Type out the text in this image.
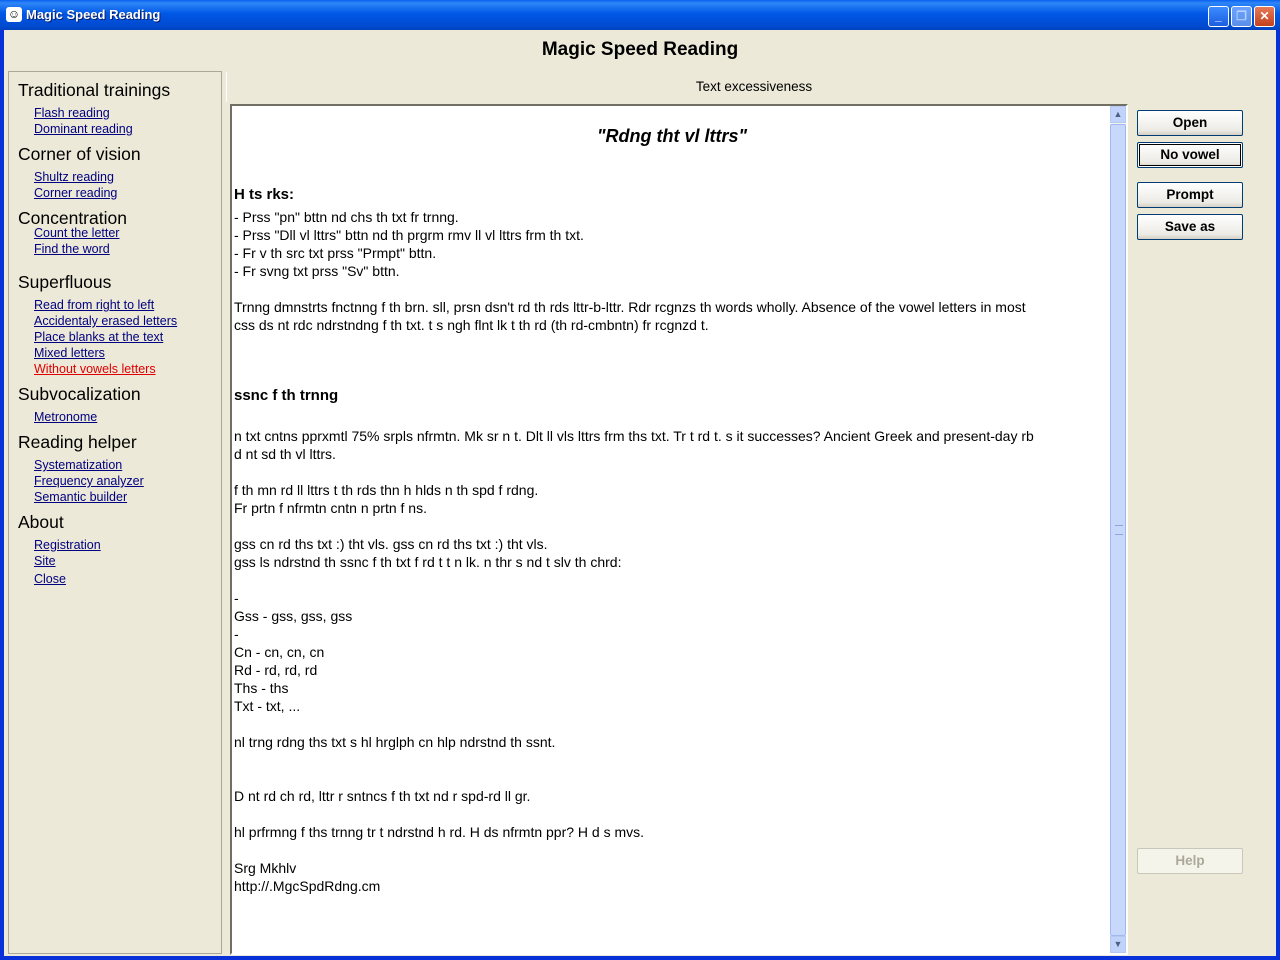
☺ Magic Speed Reading	_	❐	✕
Magic Speed Reading
Traditional trainings
Flash reading
Dominant reading
Corner of vision
Shultz reading
Corner reading
Concentration
Count the letter
Find the word
Superfluous
Read from right to left
Accidentaly erased letters
Place blanks at the text
Mixed letters
Without vowels letters
Subvocalization
Metronome
Reading helper
Systematization
Frequency analyzer
Semantic builder
About
Registration
Site
Close
Text excessiveness
"Rdng tht vl lttrs"
H ts rks:
- Prss "pn" bttn nd chs th txt fr trnng.
- Prss "Dll vl lttrs" bttn nd th prgrm rmv ll vl lttrs frm th txt.
- Fr v th src txt prss "Prmpt" bttn.
- Fr svng txt prss "Sv" bttn.
Trnng dmnstrts fnctnng f th brn. sll, prsn dsn't rd th rds lttr-b-lttr. Rdr rcgnzs th words wholly. Absence of the vowel letters in most
css ds nt rdc ndrstndng f th txt. t s ngh flnt lk t th rd (th rd-cmbntn) fr rcgnzd t.
ssnc f th trnng
n txt cntns pprxmtl 75% srpls nfrmtn. Mk sr n t. Dlt ll vls lttrs frm ths txt. Tr t rd t. s it successes? Ancient Greek and present-day rb
d nt sd th vl lttrs.
f th mn rd ll lttrs t th rds thn h hlds n th spd f rdng.
Fr prtn f nfrmtn cntn n prtn f ns.
gss cn rd ths txt :) tht vls. gss cn rd ths txt :) tht vls.
gss ls ndrstnd th ssnc f th txt f rd t t n lk. n thr s nd t slv th chrd:
-
Gss - gss, gss, gss
-
Cn - cn, cn, cn
Rd - rd, rd, rd
Ths - ths
Txt - txt, ...
nl trng rdng ths txt s hl hrglph cn hlp ndrstnd th ssnt.
D nt rd ch rd, lttr r sntncs f th txt nd r spd-rd ll gr.
hl prfrmng f ths trnng tr t ndrstnd h rd. H ds nfrmtn ppr? H d s mvs.
Srg Mkhlv
http://.MgcSpdRdng.cm
▲
▼
Open
No vowel
Prompt
Save as
Help
